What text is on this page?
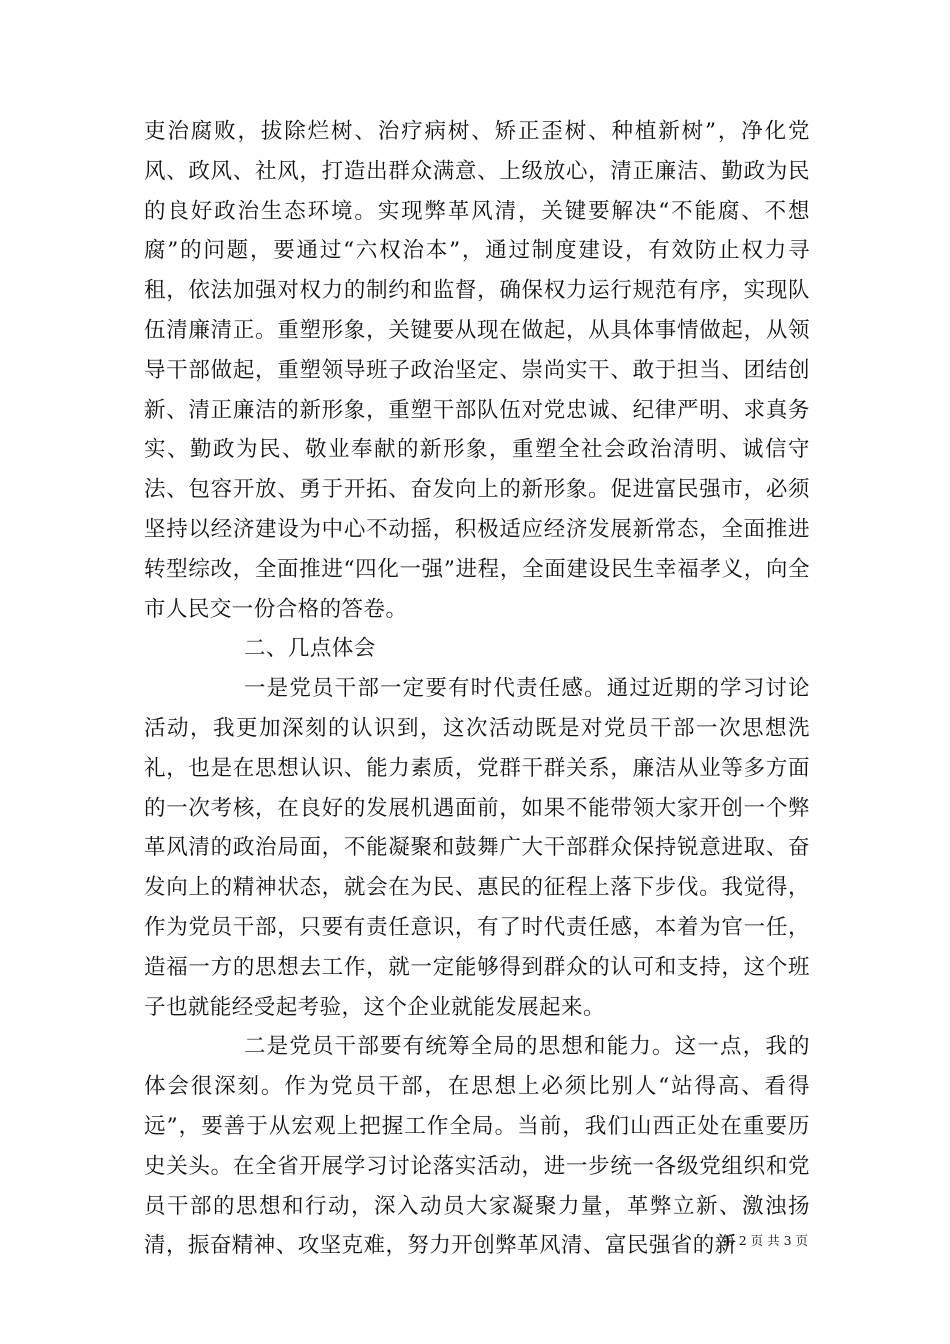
吏治腐败，拔除烂树、治疗病树、矫正歪树、种植新树”，净化党风、政风、社风，打造出群众满意、上级放心，清正廉洁、勤政为民的良好政治生态环境。实现弊革风清，关键要解决“不能腐、不想腐”的问题，要通过“六权治本”，通过制度建设，有效防止权力寻租，依法加强对权力的制约和监督，确保权力运行规范有序，实现队伍清廉清正。重塑形象，关键要从现在做起，从具体事情做起，从领导干部做起，重塑领导班子政治坚定、崇尚实干、敢于担当、团结创新、清正廉洁的新形象，重塑干部队伍对党忠诚、纪律严明、求真务实、勤政为民、敬业奉献的新形象，重塑全社会政治清明、诚信守法、包容开放、勇于开拓、奋发向上的新形象。促进富民强市，必须坚持以经济建设为中心不动摇，积极适应经济发展新常态，全面推进转型综改，全面推进“四化一强”进程，全面建设民生幸福孝义，向全市人民交一份合格的答卷。

二、几点体会

一是党员干部一定要有时代责任感。通过近期的学习讨论活动，我更加深刻的认识到，这次活动既是对党员干部一次思想洗礼，也是在思想认识、能力素质，党群干群关系，廉洁从业等多方面的一次考核，在良好的发展机遇面前，如果不能带领大家开创一个弊革风清的政治局面，不能凝聚和鼓舞广大干部群众保持锐意进取、奋发向上的精神状态，就会在为民、惠民的征程上落下步伐。我觉得，作为党员干部，只要有责任意识，有了时代责任感，本着为官一任，造福一方的思想去工作，就一定能够得到群众的认可和支持，这个班子也就能经受起考验，这个企业就能发展起来。

二是党员干部要有统筹全局的思想和能力。这一点，我的体会很深刻。作为党员干部，在思想上必须比别人“站得高、看得远”，要善于从宏观上把握工作全局。当前，我们山西正处在重要历史关头。在全省开展学习讨论落实活动，进一步统一各级党组织和党员干部的思想和行动，深入动员大家凝聚力量，革弊立新、激浊扬清，振奋精神、攻坚克难，努力开创弊革风清、富民强省的新

第 2 页 共 3 页
